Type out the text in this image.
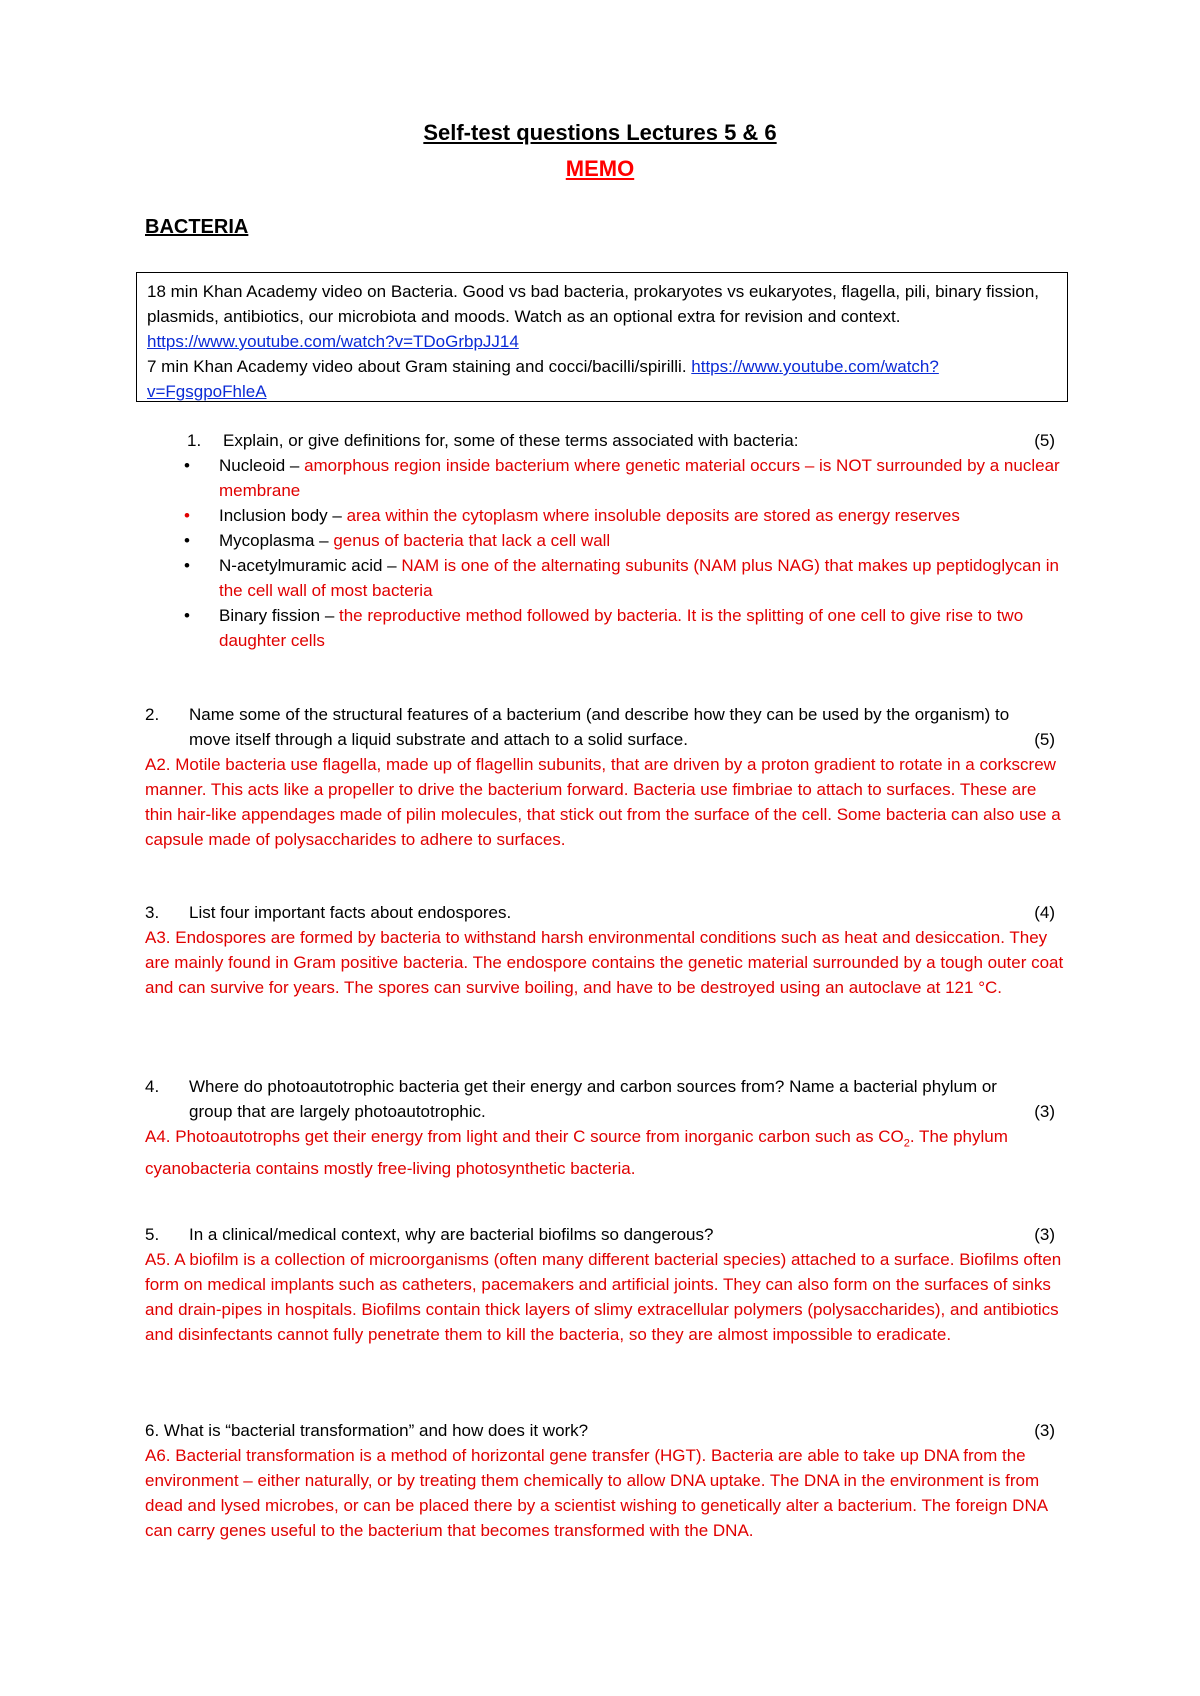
Self-test questions Lectures 5 & 6
MEMO
BACTERIA
18 min Khan Academy video on Bacteria. Good vs bad bacteria, prokaryotes vs eukaryotes, flagella, pili, binary fission, plasmids, antibiotics, our microbiota and moods. Watch as an optional extra for revision and context.
https://www.youtube.com/watch?v=TDoGrbpJJ14
7 min Khan Academy video about Gram staining and cocci/bacilli/spirilli. https://www.youtube.com/watch?v=FgsgpoFhleA
1. Explain, or give definitions for, some of these terms associated with bacteria:	(5)
•	Nucleoid – amorphous region inside bacterium where genetic material occurs – is NOT surrounded by a nuclear membrane
•	Inclusion body – area within the cytoplasm where insoluble deposits are stored as energy reserves
•	Mycoplasma – genus of bacteria that lack a cell wall
•	N-acetylmuramic acid – NAM is one of the alternating subunits (NAM plus NAG) that makes up peptidoglycan in the cell wall of most bacteria
•	Binary fission – the reproductive method followed by bacteria. It is the splitting of one cell to give rise to two daughter cells
2. Name some of the structural features of a bacterium (and describe how they can be used by the organism) to move itself through a liquid substrate and attach to a solid surface.	(5)
A2. Motile bacteria use flagella, made up of flagellin subunits, that are driven by a proton gradient to rotate in a corkscrew manner. This acts like a propeller to drive the bacterium forward. Bacteria use fimbriae to attach to surfaces. These are thin hair-like appendages made of pilin molecules, that stick out from the surface of the cell. Some bacteria can also use a capsule made of polysaccharides to adhere to surfaces.
3. List four important facts about endospores.	(4)
A3. Endospores are formed by bacteria to withstand harsh environmental conditions such as heat and desiccation. They are mainly found in Gram positive bacteria. The endospore contains the genetic material surrounded by a tough outer coat and can survive for years. The spores can survive boiling, and have to be destroyed using an autoclave at 121 °C.
4. Where do photoautotrophic bacteria get their energy and carbon sources from? Name a bacterial phylum or group that are largely photoautotrophic.	(3)
A4. Photoautotrophs get their energy from light and their C source from inorganic carbon such as $CO_2$. The phylum cyanobacteria contains mostly free-living photosynthetic bacteria.
5. In a clinical/medical context, why are bacterial biofilms so dangerous?	(3)
A5. A biofilm is a collection of microorganisms (often many different bacterial species) attached to a surface. Biofilms often form on medical implants such as catheters, pacemakers and artificial joints. They can also form on the surfaces of sinks and drain-pipes in hospitals. Biofilms contain thick layers of slimy extracellular polymers (polysaccharides), and antibiotics and disinfectants cannot fully penetrate them to kill the bacteria, so they are almost impossible to eradicate.
6. What is “bacterial transformation” and how does it work?	(3)
A6. Bacterial transformation is a method of horizontal gene transfer (HGT). Bacteria are able to take up DNA from the environment – either naturally, or by treating them chemically to allow DNA uptake. The DNA in the environment is from dead and lysed microbes, or can be placed there by a scientist wishing to genetically alter a bacterium. The foreign DNA can carry genes useful to the bacterium that becomes transformed with the DNA.
